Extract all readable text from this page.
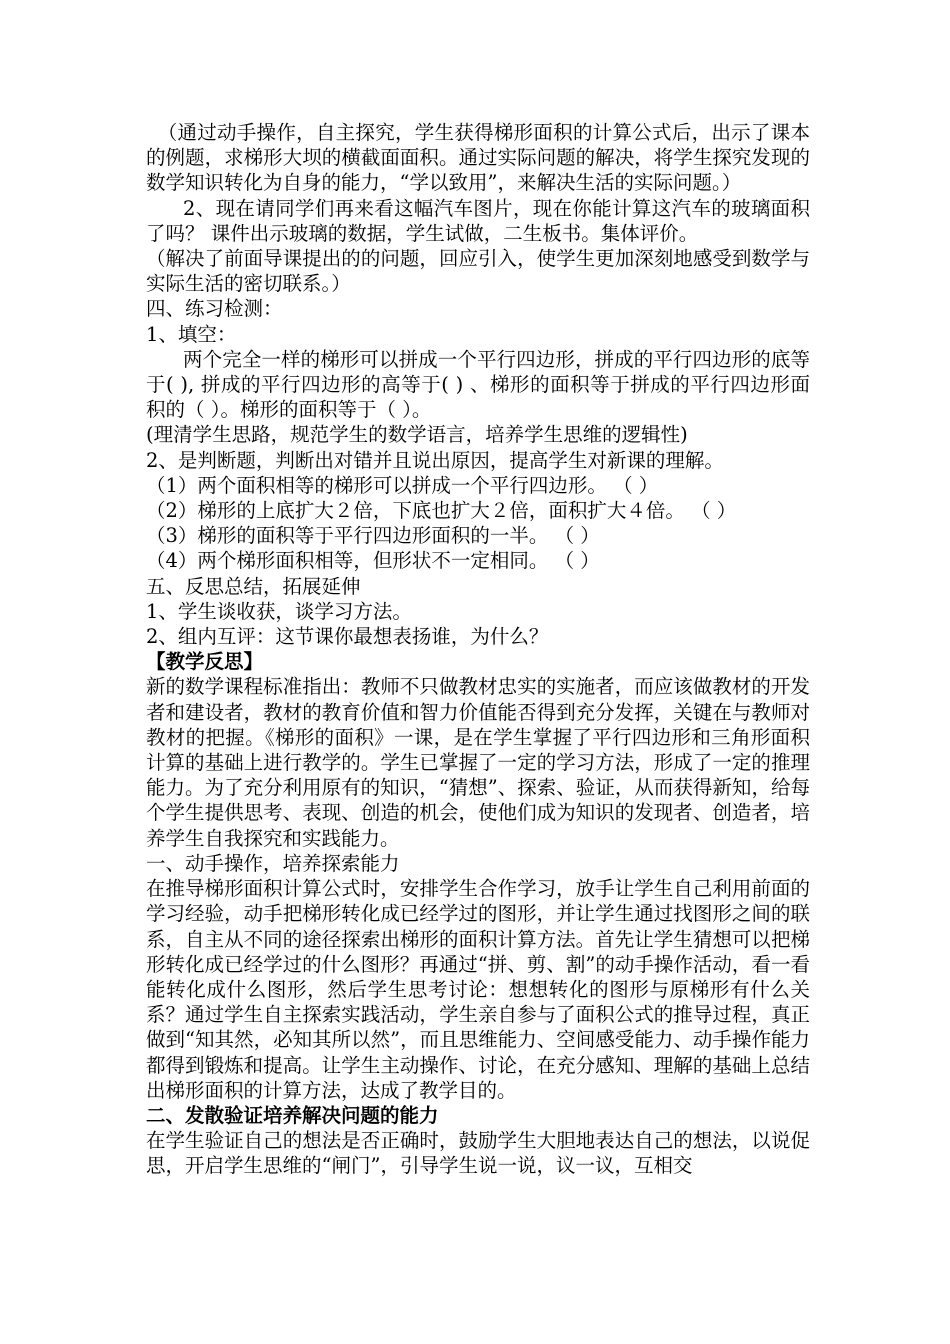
（通过动手操作，自主探究，学生获得梯形面积的计算公式后，出示了课本的例题，求梯形大坝的横截面面积。通过实际问题的解决，将学生探究发现的数学知识转化为自身的能力，“学以致用”，来解决生活的实际问题。）

2、现在请同学们再来看这幅汽车图片，现在你能计算这汽车的玻璃面积了吗？ 课件出示玻璃的数据，学生试做，二生板书。集体评价。

（解决了前面导课提出的的问题，回应引入，使学生更加深刻地感受到数学与实际生活的密切联系。）

四、练习检测：

1、填空：

两个完全一样的梯形可以拼成一个平行四边形，拼成的平行四边形的底等于( ), 拼成的平行四边形的高等于( ) 、梯形的面积等于拼成的平行四边形面积的（ ）。梯形的面积等于（ ）。

(理清学生思路，规范学生的数学语言，培养学生思维的逻辑性)

2、是判断题，判断出对错并且说出原因，提高学生对新课的理解。

（1）两个面积相等的梯形可以拼成一个平行四边形。 （ ）

（2）梯形的上底扩大２倍，下底也扩大２倍，面积扩大４倍。 （ ）

（3）梯形的面积等于平行四边形面积的一半。 （ ）

（4）两个梯形面积相等，但形状不一定相同。 （ ）

五、反思总结，拓展延伸

1、学生谈收获，谈学习方法。

2、组内互评：这节课你最想表扬谁，为什么？

【教学反思】

新的数学课程标准指出：教师不只做教材忠实的实施者，而应该做教材的开发者和建设者，教材的教育价值和智力价值能否得到充分发挥，关键在与教师对教材的把握。《梯形的面积》一课，是在学生掌握了平行四边形和三角形面积计算的基础上进行教学的。学生已掌握了一定的学习方法，形成了一定的推理能力。为了充分利用原有的知识，“猜想”、探索、验证，从而获得新知，给每个学生提供思考、表现、创造的机会，使他们成为知识的发现者、创造者，培养学生自我探究和实践能力。

一、动手操作，培养探索能力

在推导梯形面积计算公式时，安排学生合作学习，放手让学生自己利用前面的学习经验，动手把梯形转化成已经学过的图形，并让学生通过找图形之间的联系，自主从不同的途径探索出梯形的面积计算方法。首先让学生猜想可以把梯形转化成已经学过的什么图形？再通过“拼、剪、割”的动手操作活动，看一看能转化成什么图形，然后学生思考讨论：想想转化的图形与原梯形有什么关系？通过学生自主探索实践活动，学生亲自参与了面积公式的推导过程，真正做到“知其然，必知其所以然”，而且思维能力、空间感受能力、动手操作能力都得到锻炼和提高。让学生主动操作、讨论，在充分感知、理解的基础上总结出梯形面积的计算方法，达成了教学目的。

二、发散验证培养解决问题的能力

在学生验证自己的想法是否正确时，鼓励学生大胆地表达自己的想法，以说促思，开启学生思维的“闸门”，引导学生说一说，议一议，互相交
